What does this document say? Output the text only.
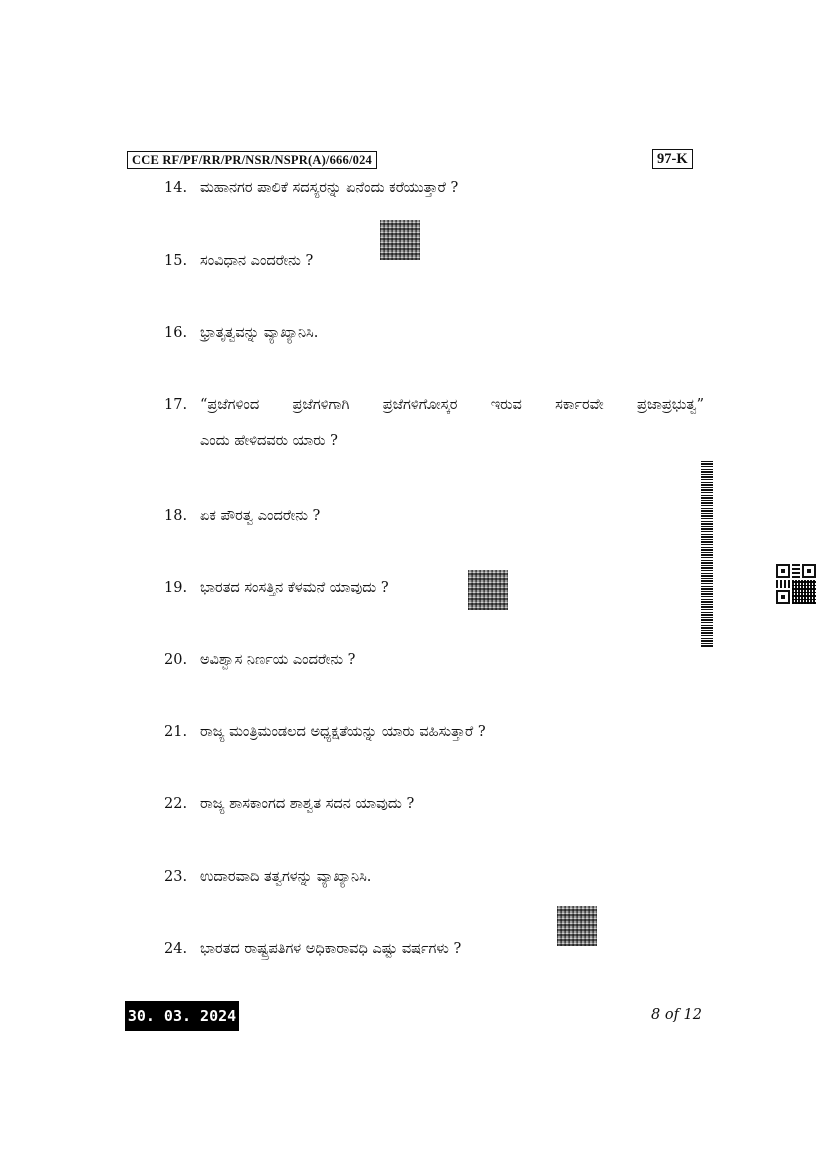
CCE RF/PF/RR/PR/NSR/NSPR(A)/666/024	97-K
14. ಮಹಾನಗರ ಪಾಲಿಕೆ ಸದಸ್ಯರನ್ನು ಏನೆಂದು ಕರೆಯುತ್ತಾರೆ ?
15. ಸಂವಿಧಾನ ಎಂದರೇನು ?
16. ಭ್ರಾತೃತ್ವವನ್ನು ವ್ಯಾಖ್ಯಾನಿಸಿ.
17. “ಪ್ರಜೆಗಳಿಂದ ಪ್ರಜೆಗಳಿಗಾಗಿ ಪ್ರಜೆಗಳಿಗೋಸ್ಕರ ಇರುವ ಸರ್ಕಾರವೇ ಪ್ರಜಾಪ್ರಭುತ್ವ”
ಎಂದು ಹೇಳಿದವರು ಯಾರು ?
18. ಏಕ ಪೌರತ್ವ ಎಂದರೇನು ?
19. ಭಾರತದ ಸಂಸತ್ತಿನ ಕೆಳಮನೆ ಯಾವುದು ?
20. ಅವಿಶ್ವಾಸ ನಿರ್ಣಯ ಎಂದರೇನು ?
21. ರಾಜ್ಯ ಮಂತ್ರಿಮಂಡಲದ ಅಧ್ಯಕ್ಷತೆಯನ್ನು ಯಾರು ವಹಿಸುತ್ತಾರೆ ?
22. ರಾಜ್ಯ ಶಾಸಕಾಂಗದ ಶಾಶ್ವತ ಸದನ ಯಾವುದು ?
23. ಉದಾರವಾದಿ ತತ್ವಗಳನ್ನು ವ್ಯಾಖ್ಯಾನಿಸಿ.
24. ಭಾರತದ ರಾಷ್ಟ್ರಪತಿಗಳ ಅಧಿಕಾರಾವಧಿ ಎಷ್ಟು ವರ್ಷಗಳು ?
30. 03. 2024	8 of 12
